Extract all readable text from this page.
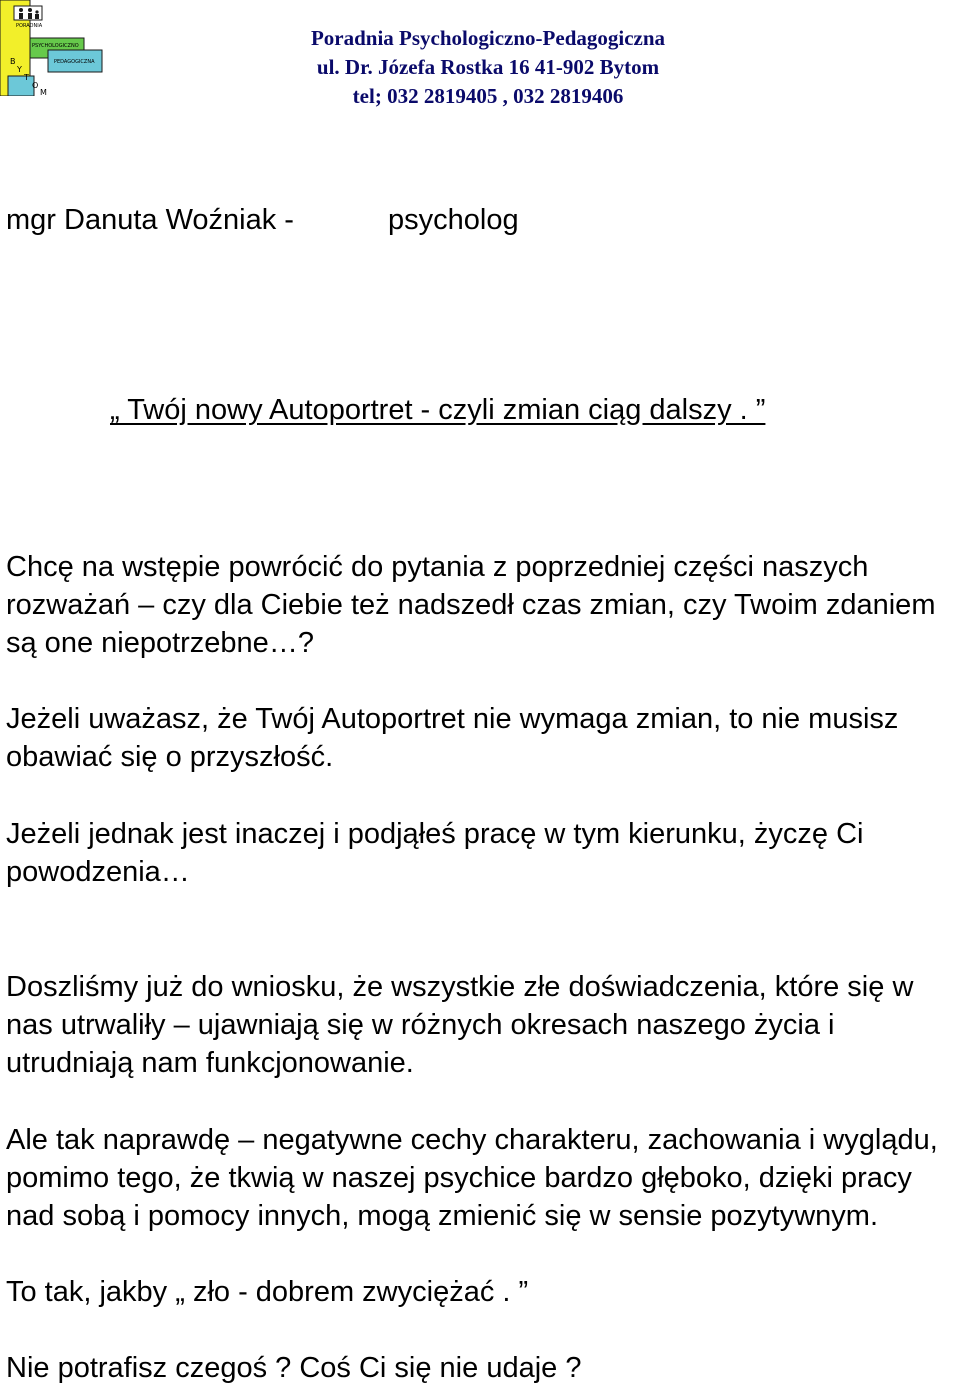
PORADNIA
PSYCHOLOGICZNO
PEDAGOGICZNA
B
Y
T
O
M
Poradnia Psychologiczno-Pedagogiczna
ul. Dr. Józefa Rostka 16 41-902 Bytom
tel; 032 2819405 , 032 2819406
mgr Danuta Woźniak -	psycholog
„ Twój nowy Autoportret - czyli zmian ciąg dalszy . ”

Chcę na wstępie powrócić do pytania z poprzedniej części naszych rozważań – czy dla Ciebie też nadszedł czas zmian, czy Twoim zdaniem są one niepotrzebne…?

Jeżeli uważasz, że Twój Autoportret nie wymaga zmian, to nie musisz obawiać się o przyszłość.

Jeżeli jednak jest inaczej i podjąłeś pracę w tym kierunku, życzę Ci powodzenia…

Doszliśmy już do wniosku, że wszystkie złe doświadczenia, które się w nas utrwaliły – ujawniają się w różnych okresach naszego życia i utrudniają nam funkcjonowanie.

Ale tak naprawdę – negatywne cechy charakteru, zachowania i wyglądu, pomimo tego, że tkwią w naszej psychice bardzo głęboko, dzięki pracy nad sobą i pomocy innych, mogą zmienić się w sensie pozytywnym.

To tak, jakby „ zło - dobrem zwyciężać . ”

Nie potrafisz czegoś ? Coś Ci się nie udaje ?
